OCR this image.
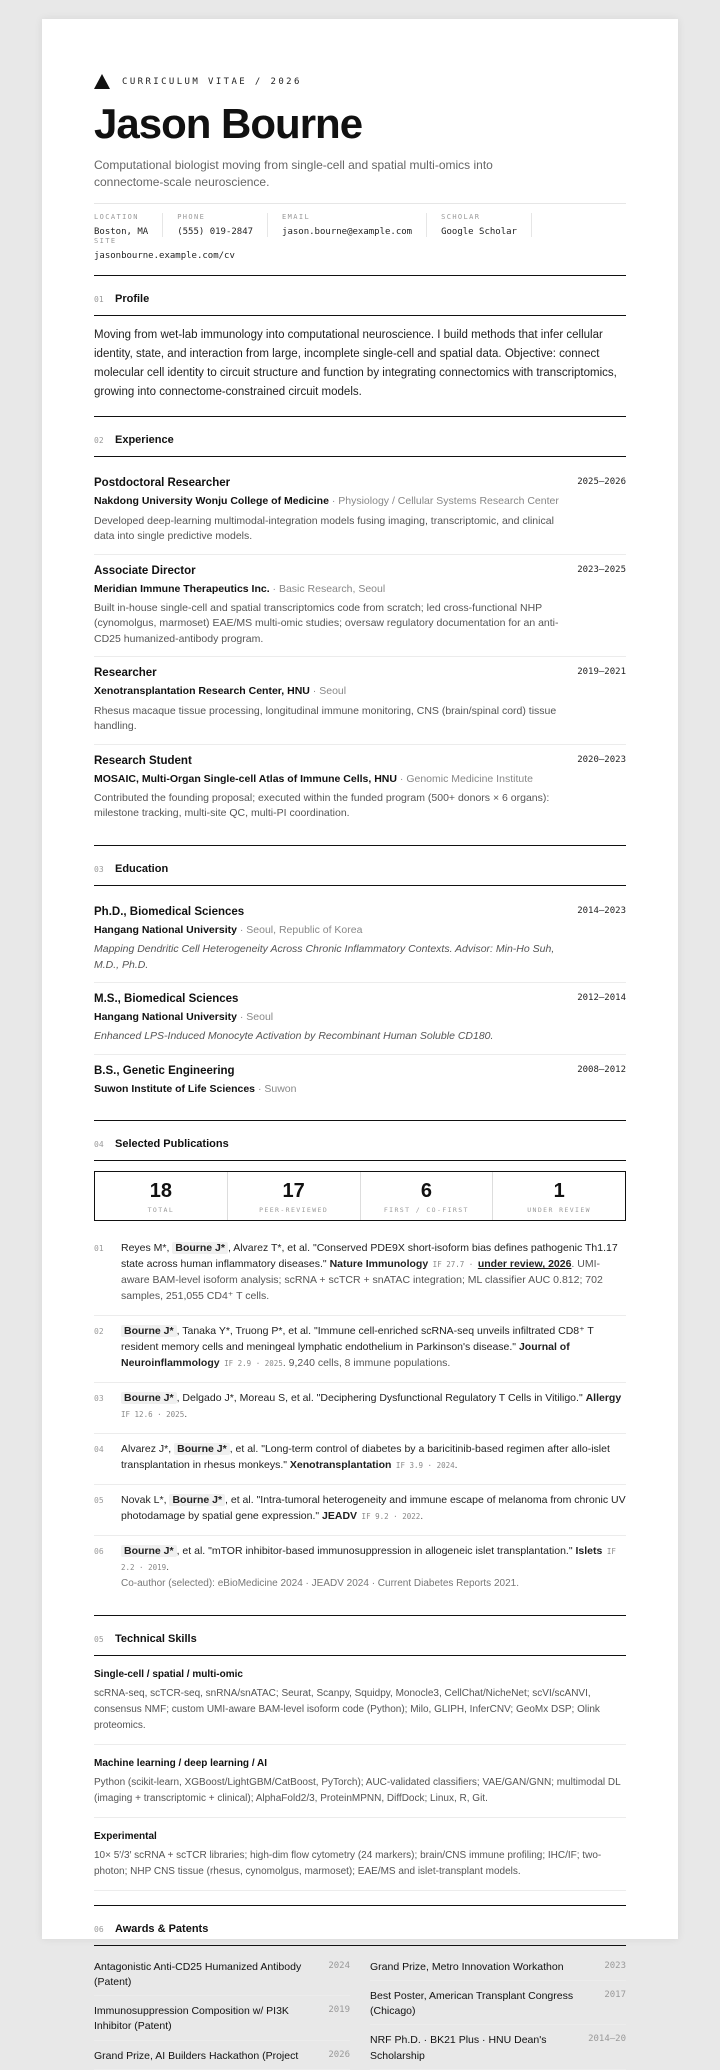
CURRICULUM VITAE / 2026
Jason Bourne
Computational biologist moving from single-cell and spatial multi-omics into connectome-scale neuroscience.
LOCATION
Boston, MA
PHONE
(555) 019-2847
EMAIL
jason.bourne@example.com
SCHOLAR
Google Scholar
SITE
jasonbourne.example.com/cv
01	Profile
Moving from wet-lab immunology into computational neuroscience. I build methods that infer cellular identity, state, and interaction from large, incomplete single-cell and spatial data. Objective: connect molecular cell identity to circuit structure and function by integrating connectomics with transcriptomics, growing into connectome-constrained circuit models.
02	Experience
Postdoctoral Researcher	2025–2026
Nakdong University Wonju College of Medicine · Physiology / Cellular Systems Research Center
Developed deep-learning multimodal-integration models fusing imaging, transcriptomic, and clinical data into single predictive models.
Associate Director	2023–2025
Meridian Immune Therapeutics Inc. · Basic Research, Seoul
Built in-house single-cell and spatial transcriptomics code from scratch; led cross-functional NHP (cynomolgus, marmoset) EAE/MS multi-omic studies; oversaw regulatory documentation for an anti-CD25 humanized-antibody program.
Researcher	2019–2021
Xenotransplantation Research Center, HNU · Seoul
Rhesus macaque tissue processing, longitudinal immune monitoring, CNS (brain/spinal cord) tissue handling.
Research Student	2020–2023
MOSAIC, Multi-Organ Single-cell Atlas of Immune Cells, HNU · Genomic Medicine Institute
Contributed the founding proposal; executed within the funded program (500+ donors × 6 organs): milestone tracking, multi-site QC, multi-PI coordination.
03	Education
Ph.D., Biomedical Sciences	2014–2023
Hangang National University · Seoul, Republic of Korea
Mapping Dendritic Cell Heterogeneity Across Chronic Inflammatory Contexts. Advisor: Min-Ho Suh, M.D., Ph.D.
M.S., Biomedical Sciences	2012–2014
Hangang National University · Seoul
Enhanced LPS-Induced Monocyte Activation by Recombinant Human Soluble CD180.
B.S., Genetic Engineering	2008–2012
Suwon Institute of Life Sciences · Suwon
04	Selected Publications
18
TOTAL
17
PEER-REVIEWED
6
FIRST / CO-FIRST
1
UNDER REVIEW
01	Reyes M*, Bourne J* , Alvarez T*, et al. "Conserved PDE9X short-isoform bias defines pathogenic Th1.17 state across human inflammatory diseases." Nature Immunology IF 27.7 · under review, 2026. UMI-aware BAM-level isoform analysis; scRNA + scTCR + snATAC integration; ML classifier AUC 0.812; 702 samples, 251,055 CD4⁺ T cells.
02	Bourne J* , Tanaka Y*, Truong P*, et al. "Immune cell-enriched scRNA-seq unveils infiltrated CD8⁺ T resident memory cells and meningeal lymphatic endothelium in Parkinson's disease." Journal of Neuroinflammology IF 2.9 · 2025. 9,240 cells, 8 immune populations.
03	Bourne J* , Delgado J*, Moreau S, et al. "Deciphering Dysfunctional Regulatory T Cells in Vitiligo." Allergy IF 12.6 · 2025.
04	Alvarez J*, Bourne J* , et al. "Long-term control of diabetes by a baricitinib-based regimen after allo-islet transplantation in rhesus monkeys." Xenotransplantation IF 3.9 · 2024.
05	Novak L*, Bourne J* , et al. "Intra-tumoral heterogeneity and immune escape of melanoma from chronic UV photodamage by spatial gene expression." JEADV IF 9.2 · 2022.
06	Bourne J* , et al. "mTOR inhibitor-based immunosuppression in allogeneic islet transplantation." Islets IF 2.2 · 2019.
Co-author (selected): eBioMedicine 2024 · JEADV 2024 · Current Diabetes Reports 2021.
05	Technical Skills
Single-cell / spatial / multi-omic
scRNA-seq, scTCR-seq, snRNA/snATAC; Seurat, Scanpy, Squidpy, Monocle3, CellChat/NicheNet; scVI/scANVI, consensus NMF; custom UMI-aware BAM-level isoform code (Python); Milo, GLIPH, InferCNV; GeoMx DSP; Olink proteomics.
Machine learning / deep learning / AI
Python (scikit-learn, XGBoost/LightGBM/CatBoost, PyTorch); AUC-validated classifiers; VAE/GAN/GNN; multimodal DL (imaging + transcriptomic + clinical); AlphaFold2/3, ProteinMPNN, DiffDock; Linux, R, Git.
Experimental
10× 5′/3′ scRNA + scTCR libraries; high-dim flow cytometry (24 markers); brain/CNS immune profiling; IHC/IF; two-photon; NHP CNS tissue (rhesus, cynomolgus, marmoset); EAE/MS and islet-transplant models.
06	Awards & Patents
Antagonistic Anti-CD25 Humanized Antibody (Patent)
2024
Immunosuppression Composition w/ PI3K Inhibitor (Patent)
2019
Grand Prize, AI Builders Hackathon (Project	2026
Grand Prize, Metro Innovation Workathon	2023
Best Poster, American Transplant Congress (Chicago)
2017
NRF Ph.D. · BK21 Plus · HNU Dean's Scholarship
2014–20
